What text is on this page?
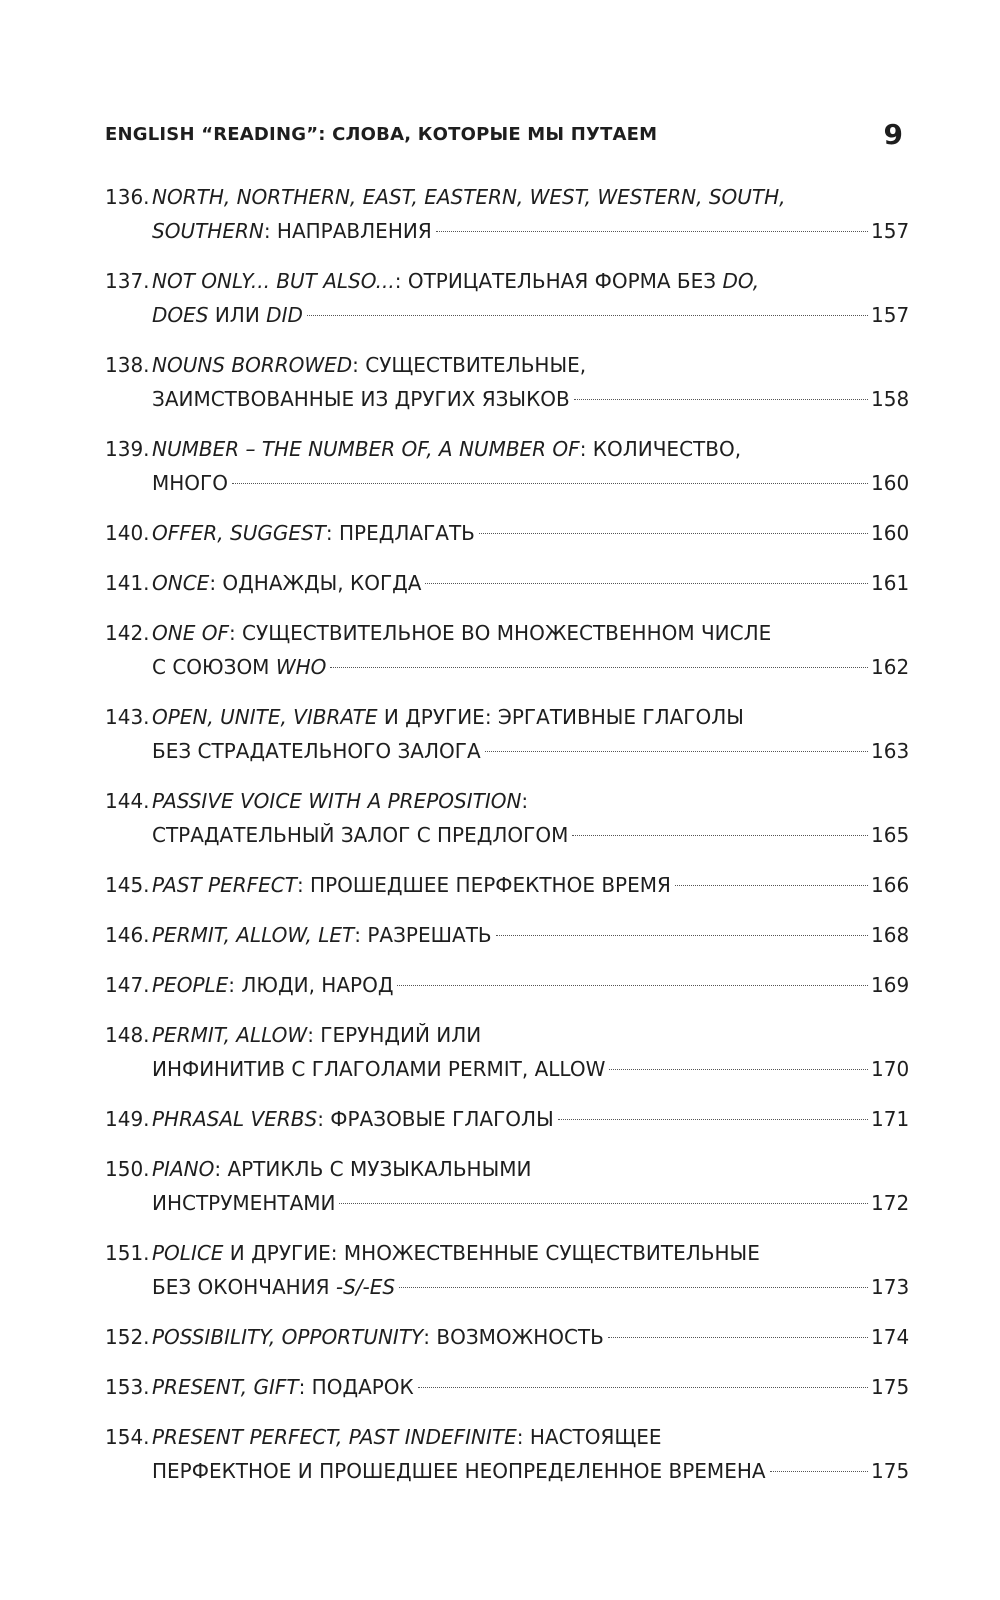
ENGLISH “READING”: СЛОВА, КОТОРЫЕ МЫ ПУТАЕМ	9
136. NORTH, NORTHERN, EAST, EASTERN, WEST, WESTERN, SOUTH,
SOUTHERN: НАПРАВЛЕНИЯ	157
137. NOT ONLY... BUT ALSO...: ОТРИЦАТЕЛЬНАЯ ФОРМА БЕЗ DO,
DOES ИЛИ DID	157
138. NOUNS BORROWED: СУЩЕСТВИТЕЛЬНЫЕ,
ЗАИМСТВОВАННЫЕ ИЗ ДРУГИХ ЯЗЫКОВ	158
139. NUMBER – THE NUMBER OF, A NUMBER OF: КОЛИЧЕСТВО,
МНОГО	160
140. OFFER, SUGGEST: ПРЕДЛАГАТЬ	160
141. ONCE: ОДНАЖДЫ, КОГДА	161
142. ONE OF: СУЩЕСТВИТЕЛЬНОЕ ВО МНОЖЕСТВЕННОМ ЧИСЛЕ
С СОЮЗОМ WHO	162
143. OPEN, UNITE, VIBRATE И ДРУГИЕ: ЭРГАТИВНЫЕ ГЛАГОЛЫ
БЕЗ СТРАДАТЕЛЬНОГО ЗАЛОГА	163
144. PASSIVE VOICE WITH A PREPOSITION:
СТРАДАТЕЛЬНЫЙ ЗАЛОГ С ПРЕДЛОГОМ	165
145. PAST PERFECT: ПРОШЕДШЕЕ ПЕРФЕКТНОЕ ВРЕМЯ	166
146. PERMIT, ALLOW, LET: РАЗРЕШАТЬ	168
147. PEOPLE: ЛЮДИ, НАРОД	169
148. PERMIT, ALLOW: ГЕРУНДИЙ ИЛИ
ИНФИНИТИВ С ГЛАГОЛАМИ PERMIT, ALLOW	170
149. PHRASAL VERBS: ФРАЗОВЫЕ ГЛАГОЛЫ	171
150. PIANO: АРТИКЛЬ С МУЗЫКАЛЬНЫМИ
ИНСТРУМЕНТАМИ	172
151. POLICE И ДРУГИЕ: МНОЖЕСТВЕННЫЕ СУЩЕСТВИТЕЛЬНЫЕ
БЕЗ ОКОНЧАНИЯ -S/-ES	173
152. POSSIBILITY, OPPORTUNITY: ВОЗМОЖНОСТЬ	174
153. PRESENT, GIFT: ПОДАРОК	175
154. PRESENT PERFECT, PAST INDEFINITE: НАСТОЯЩЕЕ
ПЕРФЕКТНОЕ И ПРОШЕДШЕЕ НЕОПРЕДЕЛЕННОЕ ВРЕМЕНА	175
